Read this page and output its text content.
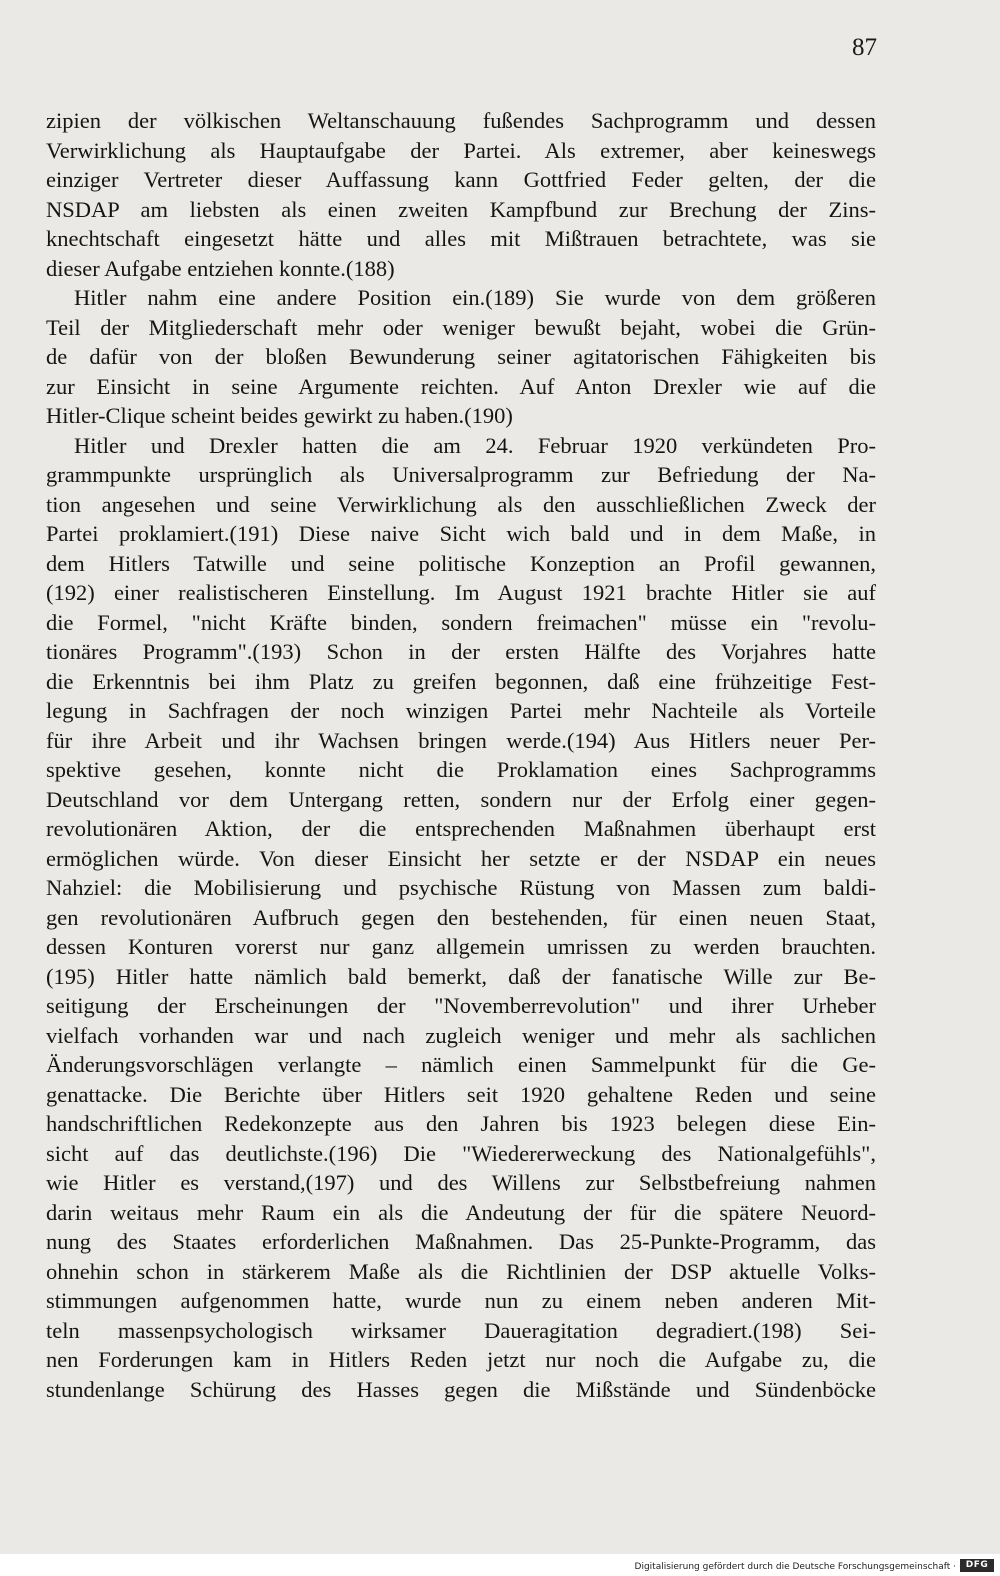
87
zipien der völkischen Weltanschauung fußendes Sachprogramm und dessen
Verwirklichung als Hauptaufgabe der Partei. Als extremer, aber keineswegs
einziger Vertreter dieser Auffassung kann Gottfried Feder gelten, der die
NSDAP am liebsten als einen zweiten Kampfbund zur Brechung der Zins-
knechtschaft eingesetzt hätte und alles mit Mißtrauen betrachtete, was sie
dieser Aufgabe entziehen konnte.(188)
Hitler nahm eine andere Position ein.(189) Sie wurde von dem größeren
Teil der Mitgliederschaft mehr oder weniger bewußt bejaht, wobei die Grün-
de dafür von der bloßen Bewunderung seiner agitatorischen Fähigkeiten bis
zur Einsicht in seine Argumente reichten. Auf Anton Drexler wie auf die
Hitler-Clique scheint beides gewirkt zu haben.(190)
Hitler und Drexler hatten die am 24. Februar 1920 verkündeten Pro-
grammpunkte ursprünglich als Universalprogramm zur Befriedung der Na-
tion angesehen und seine Verwirklichung als den ausschließlichen Zweck der
Partei proklamiert.(191) Diese naive Sicht wich bald und in dem Maße, in
dem Hitlers Tatwille und seine politische Konzeption an Profil gewannen,
(192) einer realistischeren Einstellung. Im August 1921 brachte Hitler sie auf
die Formel, "nicht Kräfte binden, sondern freimachen" müsse ein "revolu-
tionäres Programm".(193) Schon in der ersten Hälfte des Vorjahres hatte
die Erkenntnis bei ihm Platz zu greifen begonnen, daß eine frühzeitige Fest-
legung in Sachfragen der noch winzigen Partei mehr Nachteile als Vorteile
für ihre Arbeit und ihr Wachsen bringen werde.(194) Aus Hitlers neuer Per-
spektive gesehen, konnte nicht die Proklamation eines Sachprogramms
Deutschland vor dem Untergang retten, sondern nur der Erfolg einer gegen-
revolutionären Aktion, der die entsprechenden Maßnahmen überhaupt erst
ermöglichen würde. Von dieser Einsicht her setzte er der NSDAP ein neues
Nahziel: die Mobilisierung und psychische Rüstung von Massen zum baldi-
gen revolutionären Aufbruch gegen den bestehenden, für einen neuen Staat,
dessen Konturen vorerst nur ganz allgemein umrissen zu werden brauchten.
(195) Hitler hatte nämlich bald bemerkt, daß der fanatische Wille zur Be-
seitigung der Erscheinungen der "Novemberrevolution" und ihrer Urheber
vielfach vorhanden war und nach zugleich weniger und mehr als sachlichen
Änderungsvorschlägen verlangte – nämlich einen Sammelpunkt für die Ge-
genattacke. Die Berichte über Hitlers seit 1920 gehaltene Reden und seine
handschriftlichen Redekonzepte aus den Jahren bis 1923 belegen diese Ein-
sicht auf das deutlichste.(196) Die "Wiedererweckung des Nationalgefühls",
wie Hitler es verstand,(197) und des Willens zur Selbstbefreiung nahmen
darin weitaus mehr Raum ein als die Andeutung der für die spätere Neuord-
nung des Staates erforderlichen Maßnahmen. Das 25-Punkte-Programm, das
ohnehin schon in stärkerem Maße als die Richtlinien der DSP aktuelle Volks-
stimmungen aufgenommen hatte, wurde nun zu einem neben anderen Mit-
teln massenpsychologisch wirksamer Daueragitation degradiert.(198) Sei-
nen Forderungen kam in Hitlers Reden jetzt nur noch die Aufgabe zu, die
stundenlange Schürung des Hasses gegen die Mißstände und Sündenböcke
Digitalisierung gefördert durch die Deutsche Forschungsgemeinschaft ·	DFG
